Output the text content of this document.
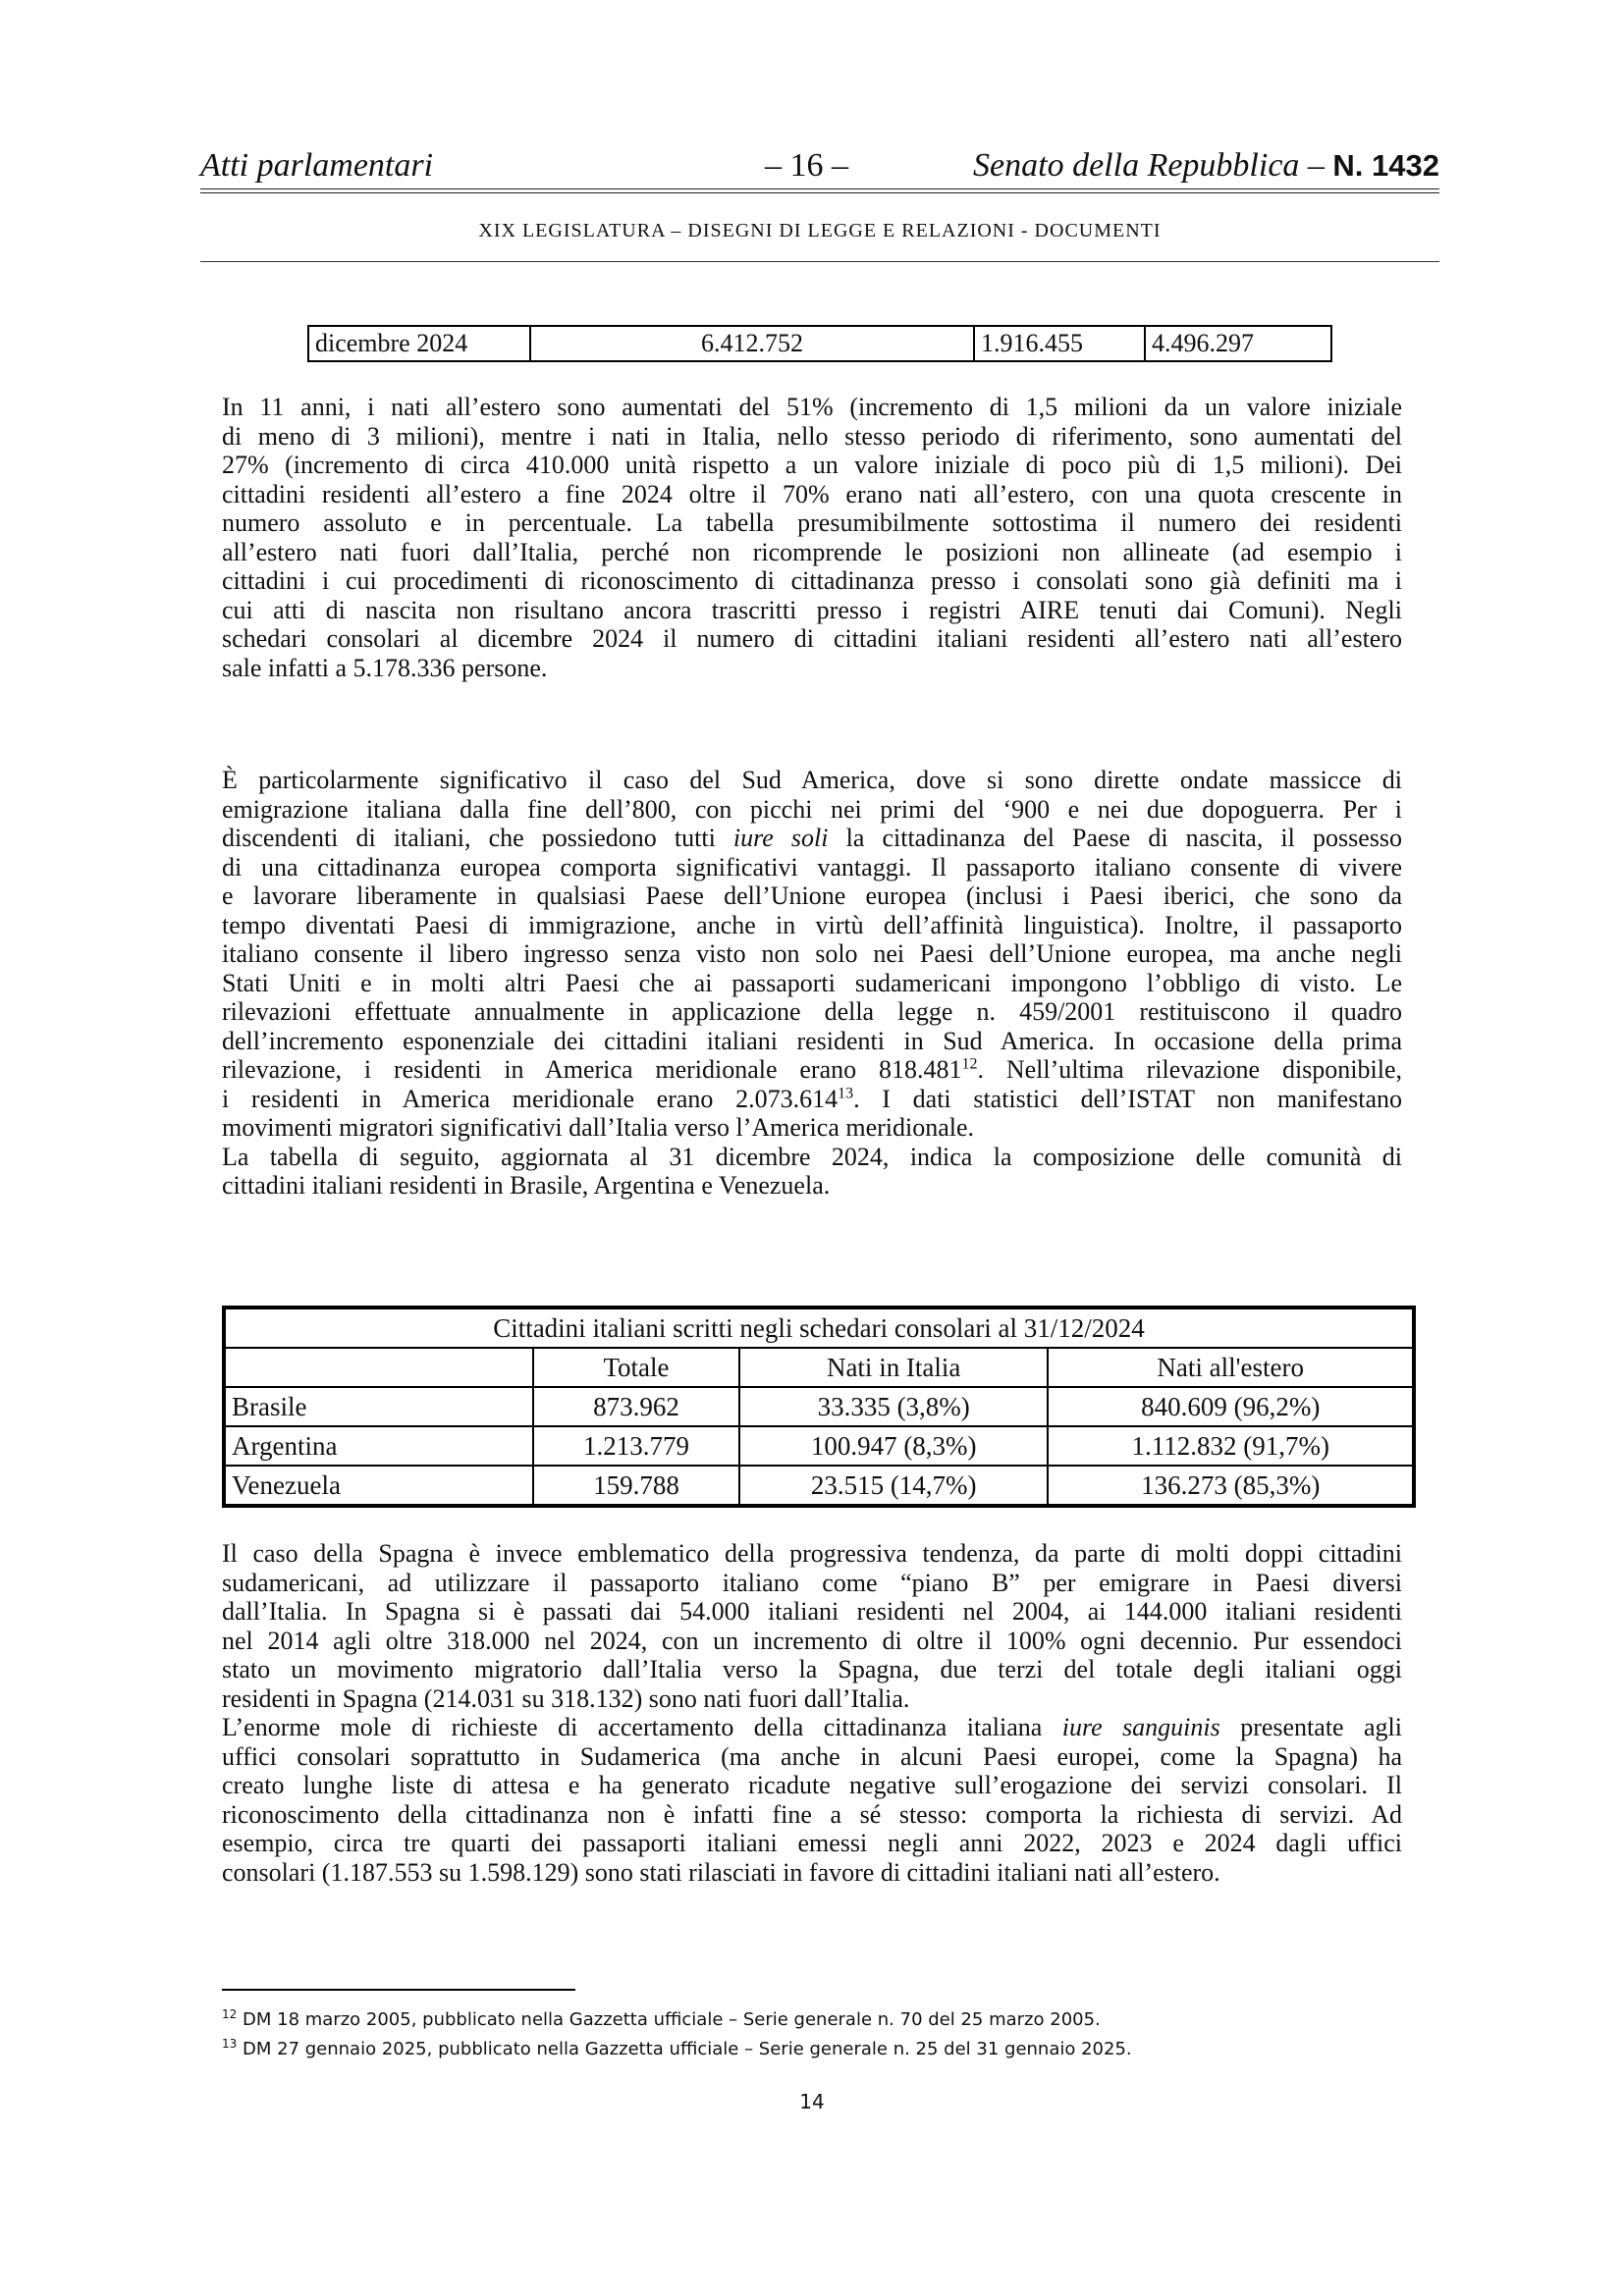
Atti parlamentari	– 16 –	Senato della Repubblica – N. 1432
XIX LEGISLATURA – DISEGNI DI LEGGE E RELAZIONI - DOCUMENTI
dicembre 2024	6.412.752	1.916.455	4.496.297
In 11 anni, i nati all’estero sono aumentati del 51% (incremento di 1,5 milioni da un valore iniziale
di meno di 3 milioni), mentre i nati in Italia, nello stesso periodo di riferimento, sono aumentati del
27% (incremento di circa 410.000 unità rispetto a un valore iniziale di poco più di 1,5 milioni). Dei
cittadini residenti all’estero a fine 2024 oltre il 70% erano nati all’estero, con una quota crescente in
numero assoluto e in percentuale. La tabella presumibilmente sottostima il numero dei residenti
all’estero nati fuori dall’Italia, perché non ricomprende le posizioni non allineate (ad esempio i
cittadini i cui procedimenti di riconoscimento di cittadinanza presso i consolati sono già definiti ma i
cui atti di nascita non risultano ancora trascritti presso i registri AIRE tenuti dai Comuni). Negli
schedari consolari al dicembre 2024 il numero di cittadini italiani residenti all’estero nati all’estero
sale infatti a 5.178.336 persone.
È particolarmente significativo il caso del Sud America, dove si sono dirette ondate massicce di
emigrazione italiana dalla fine dell’800, con picchi nei primi del ‘900 e nei due dopoguerra. Per i
discendenti di italiani, che possiedono tutti iure soli la cittadinanza del Paese di nascita, il possesso
di una cittadinanza europea comporta significativi vantaggi. Il passaporto italiano consente di vivere
e lavorare liberamente in qualsiasi Paese dell’Unione europea (inclusi i Paesi iberici, che sono da
tempo diventati Paesi di immigrazione, anche in virtù dell’affinità linguistica). Inoltre, il passaporto
italiano consente il libero ingresso senza visto non solo nei Paesi dell’Unione europea, ma anche negli
Stati Uniti e in molti altri Paesi che ai passaporti sudamericani impongono l’obbligo di visto. Le
rilevazioni effettuate annualmente in applicazione della legge n. 459/2001 restituiscono il quadro
dell’incremento esponenziale dei cittadini italiani residenti in Sud America. In occasione della prima
rilevazione, i residenti in America meridionale erano 818.481$^{12}$. Nell’ultima rilevazione disponibile,
i residenti in America meridionale erano 2.073.614$^{13}$. I dati statistici dell’ISTAT non manifestano
movimenti migratori significativi dall’Italia verso l’America meridionale.
La tabella di seguito, aggiornata al 31 dicembre 2024, indica la composizione delle comunità di
cittadini italiani residenti in Brasile, Argentina e Venezuela.
Cittadini italiani scritti negli schedari consolari al 31/12/2024			
	Totale	Nati in Italia	Nati all'estero
Brasile	873.962	33.335 (3,8%)	840.609 (96,2%)
Argentina	1.213.779	100.947 (8,3%)	1.112.832 (91,7%)
Venezuela	159.788	23.515 (14,7%)	136.273 (85,3%)
Il caso della Spagna è invece emblematico della progressiva tendenza, da parte di molti doppi cittadini
sudamericani, ad utilizzare il passaporto italiano come “piano B” per emigrare in Paesi diversi
dall’Italia. In Spagna si è passati dai 54.000 italiani residenti nel 2004, ai 144.000 italiani residenti
nel 2014 agli oltre 318.000 nel 2024, con un incremento di oltre il 100% ogni decennio. Pur essendoci
stato un movimento migratorio dall’Italia verso la Spagna, due terzi del totale degli italiani oggi
residenti in Spagna (214.031 su 318.132) sono nati fuori dall’Italia.
L’enorme mole di richieste di accertamento della cittadinanza italiana iure sanguinis presentate agli
uffici consolari soprattutto in Sudamerica (ma anche in alcuni Paesi europei, come la Spagna) ha
creato lunghe liste di attesa e ha generato ricadute negative sull’erogazione dei servizi consolari. Il
riconoscimento della cittadinanza non è infatti fine a sé stesso: comporta la richiesta di servizi. Ad
esempio, circa tre quarti dei passaporti italiani emessi negli anni 2022, 2023 e 2024 dagli uffici
consolari (1.187.553 su 1.598.129) sono stati rilasciati in favore di cittadini italiani nati all’estero.
$^{12}$ DM 18 marzo 2005, pubblicato nella Gazzetta ufficiale – Serie generale n. 70 del 25 marzo 2005.
$^{13}$ DM 27 gennaio 2025, pubblicato nella Gazzetta ufficiale – Serie generale n. 25 del 31 gennaio 2025.
14
